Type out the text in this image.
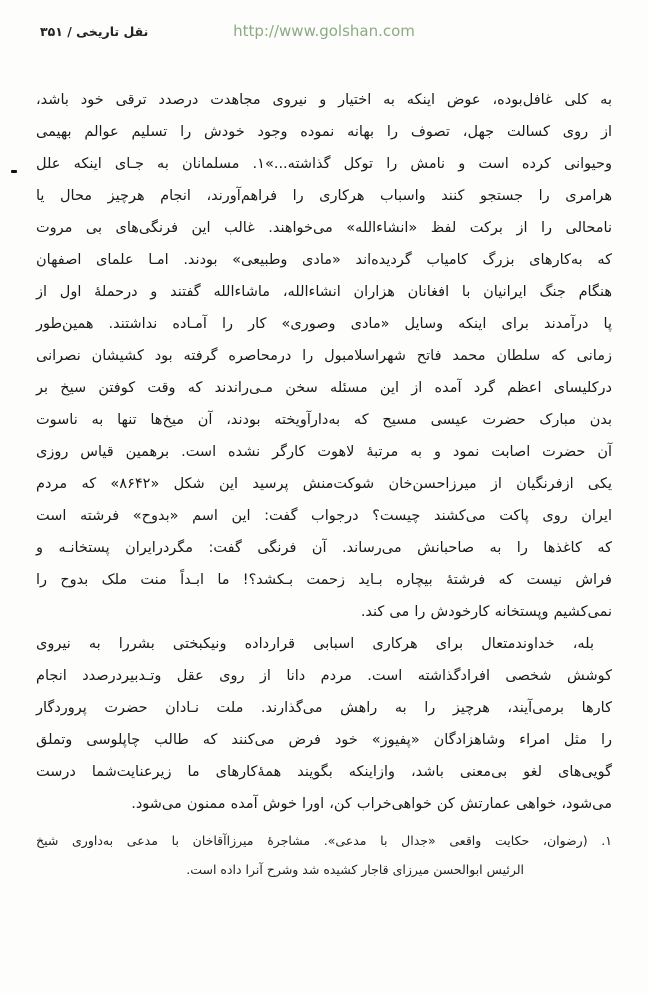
نقل تاریخی / ۳۵۱	http://www.golshan.com
به کلی غافل‌بوده، عوض اینکه به اختیار و نیروی مجاهدت درصدد ترقی خود باشد،
از روی کسالت جهل، تصوف را بهانه نموده وجود خودش را تسلیم عوالم بهیمی
وحیوانی کرده است و نامش را توکل گذاشته...»۱. مسلمانان به جـای اینکه علل
هرامری را جستجو کنند واسباب هرکاری را فراهم‌آورند، انجام هرچیز محال یا
نامحالی را از برکت لفظ «انشاءالله» می‌خواهند. غالب این فرنگی‌های بی مروت
که به‌کارهای بزرگ کامیاب گردیده‌اند «مادی وطبیعی» بودند. امـا علمای اصفهان
هنگام جنگ ایرانیان با افغانان هزاران انشاءالله، ماشاءالله گفتند و درحملهٔ اول از
پا درآمدند برای اینکه وسایل «مادی وصوری» کار را آمـاده نداشتند. همین‌طور
زمانی که سلطان محمد فاتح شهراسلامبول را درمحاصره گرفته بود کشیشان نصرانی
درکلیسای اعظم گرد آمده از این مسئله سخن مـی‌راندند که وقت کوفتن سیخ بر
بدن مبارک حضرت عیسی مسیح که به‌دارآویخته بودند، آن میخ‌ها تنها به ناسوت
آن حضرت اصابت نمود و به مرتبهٔ لاهوت کارگر نشده است. برهمین قیاس روزی
یکی ازفرنگیان از میرزاحسن‌خان شوکت‌منش پرسید این شکل «۸۶۴۲» که مردم
ایران روی پاکت می‌کشند چیست؟ درجواب گفت: این اسم «بدوح» فرشته است
که کاغذها را به صاحبانش می‌رساند. آن فرنگی گفت: مگردرایران پستخانـه و
فراش نیست که فرشتهٔ بیچاره بـاید زحمت بـکشد؟! ما ابـداً منت ملک بدوح را
نمی‌کشیم وپستخانه کارخودش را می کند.
بله، خداوندمتعال برای هرکاری اسبابی قرارداده ونیکبختی بشررا به نیروی
کوشش شخصی افرادگذاشته است. مردم دانا از روی عقل وتـدبیردرصدد انجام
کارها برمی‌آیند، هرچیز را به راهش می‌گذارند. ملت نـادان حضرت پروردگار
را مثل امراء وشاهزادگان «پفیوز» خود فرض می‌کنند که طالب چاپلوسی وتملق‌
گویی‌های لغو بی‌معنی باشد، وازاینکه بگویند همهٔ‌کارهای ما زیرعنایت‌شما درست
می‌شود، خواهی عمارتش کن خواهی‌خراب کن، اورا خوش آمده ممنون می‌شود.
۱. (رضوان، حکایت واقعی «جدال با مدعی». مشاجرهٔ میرزاآقاخان با مدعی به‌داوری شیخ‌
الرئیس ابوالحسن میرزای قاجار کشیده شد وشرح آنرا داده است.
